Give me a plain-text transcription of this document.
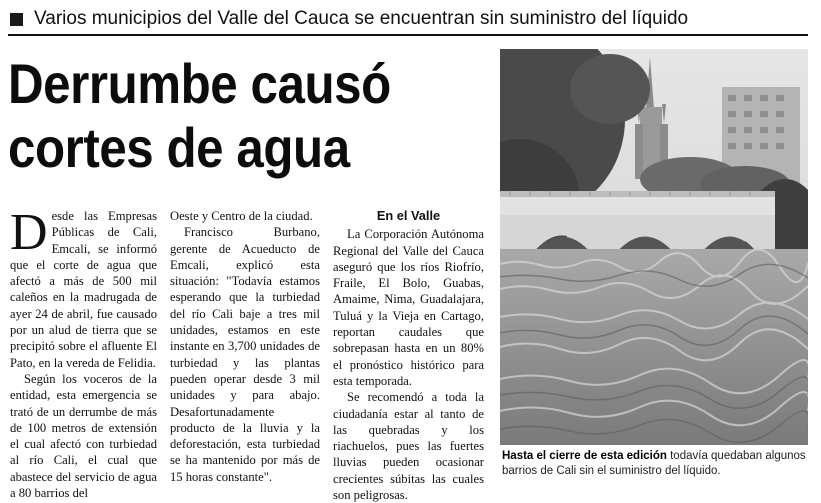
Varios municipios del Valle del Cauca se encuentran sin suministro del líquido
Derrumbe causó
cortes de agua

Desde las Empresas Públicas de Cali, Emcali, se informó que el corte de agua que afectó a más de 500 mil caleños en la madrugada de ayer 24 de abril, fue causado por un alud de tierra que se precipitó sobre el afluente El Pato, en la vereda de Felidia.

Según los voceros de la entidad, esta emergencia se trató de un derrumbe de más de 100 metros de extensión el cual afectó con turbiedad al río Cali, el cual que abastece del servicio de agua a 80 barrios del

Oeste y Centro de la ciudad.

Francisco Burbano, gerente de Acueducto de Emcali, explicó esta situación: "Todavía estamos esperando que la turbiedad del río Cali baje a tres mil unidades, estamos en este instante en 3,700 unidades de turbiedad y las plantas pueden operar desde 3 mil unidades y para abajo. Desafortunadamente producto de la lluvia y la deforestación, esta turbiedad se ha mantenido por más de 15 horas constante".

En el Valle

La Corporación Autónoma Regional del Valle del Cauca aseguró que los ríos Riofrío, Fraile, El Bolo, Guabas, Amaime, Nima, Guadalajara, Tuluá y la Vieja en Cartago, reportan caudales que sobrepasan hasta en un 80% el pronóstico histórico para esta temporada.

Se recomendó a toda la ciudadanía estar al tanto de las quebradas y los riachuelos, pues las fuertes lluvias pueden ocasionar crecientes súbitas las cuales son peligrosas.

Hasta el cierre de esta edición todavía quedaban algunos barrios de Cali sin el suministro del líquido.
